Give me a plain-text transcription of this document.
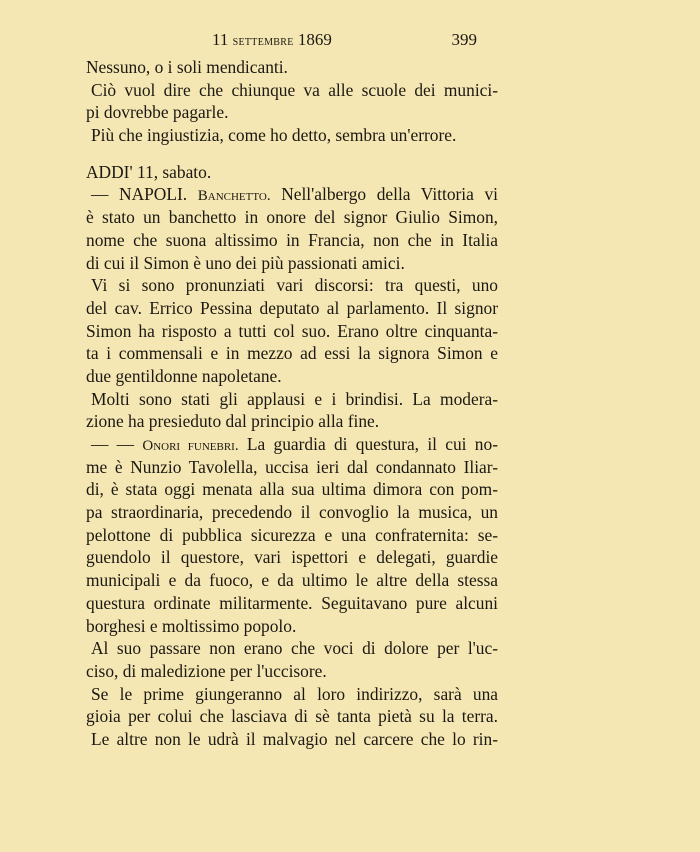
11 settembre 1869	399
Nessuno, o i soli mendicanti.
Ciò vuol dire che chiunque va alle scuole dei munici-
pi dovrebbe pagarle.
Più che ingiustizia, come ho detto, sembra un'errore.
ADDI' 11, sabato.
— NAPOLI. Banchetto. Nell'albergo della Vittoria vi
è stato un banchetto in onore del signor Giulio Simon,
nome che suona altissimo in Francia, non che in Italia
di cui il Simon è uno dei più passionati amici.
Vi si sono pronunziati vari discorsi: tra questi, uno
del cav. Errico Pessina deputato al parlamento. Il signor
Simon ha risposto a tutti col suo. Erano oltre cinquanta-
ta i commensali e in mezzo ad essi la signora Simon e
due gentildonne napoletane.
Molti sono stati gli applausi e i brindisi. La modera-
zione ha presieduto dal principio alla fine.
— — Onori funebri. La guardia di questura, il cui no-
me è Nunzio Tavolella, uccisa ieri dal condannato Iliar-
di, è stata oggi menata alla sua ultima dimora con pom-
pa straordinaria, precedendo il convoglio la musica, un
pelottone di pubblica sicurezza e una confraternita: se-
guendolo il questore, vari ispettori e delegati, guardie
municipali e da fuoco, e da ultimo le altre della stessa
questura ordinate militarmente. Seguitavano pure alcuni
borghesi e moltissimo popolo.
Al suo passare non erano che voci di dolore per l'uc-
ciso, di maledizione per l'uccisore.
Se le prime giungeranno al loro indirizzo, sarà una
gioia per colui che lasciava di sè tanta pietà su la terra.
Le altre non le udrà il malvagio nel carcere che lo rin-
